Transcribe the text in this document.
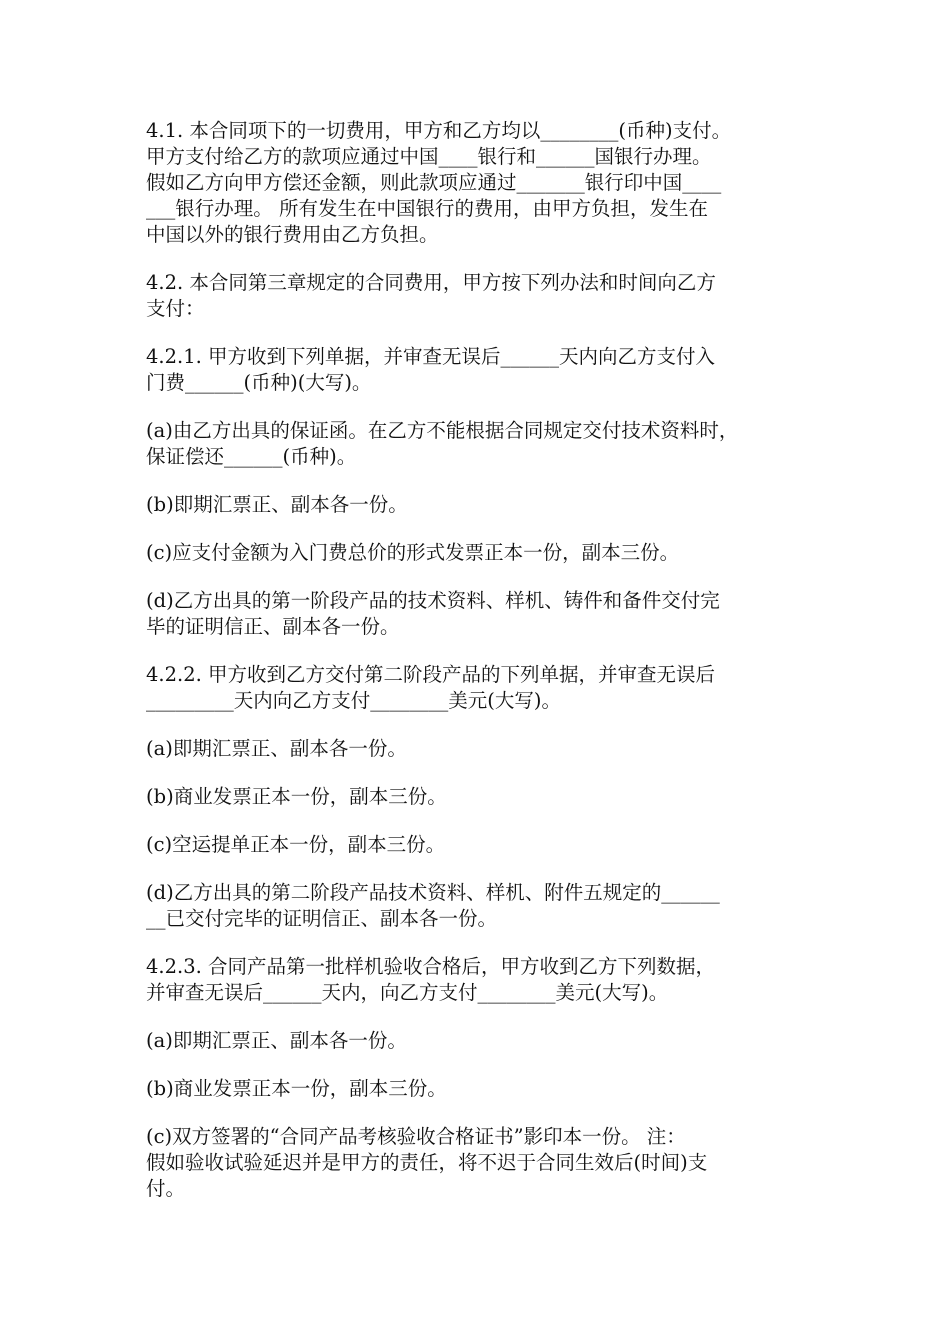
4.1. 本合同项下的一切费用，甲方和乙方均以________(币种)支付。
甲方支付给乙方的款项应通过中国____银行和______国银行办理。
假如乙方向甲方偿还金额，则此款项应通过_______银行印中国____
___银行办理。 所有发生在中国银行的费用，由甲方负担，发生在
中国以外的银行费用由乙方负担。
4.2. 本合同第三章规定的合同费用，甲方按下列办法和时间向乙方
支付：
4.2.1. 甲方收到下列单据，并审查无误后______天内向乙方支付入
门费______(币种)(大写)。
(a)由乙方出具的保证函。在乙方不能根据合同规定交付技术资料时，
保证偿还______(币种)。
(b)即期汇票正、副本各一份。
(c)应支付金额为入门费总价的形式发票正本一份，副本三份。
(d)乙方出具的第一阶段产品的技术资料、样机、铸件和备件交付完
毕的证明信正、副本各一份。
4.2.2. 甲方收到乙方交付第二阶段产品的下列单据，并审查无误后
_________天内向乙方支付________美元(大写)。
(a)即期汇票正、副本各一份。
(b)商业发票正本一份，副本三份。
(c)空运提单正本一份，副本三份。
(d)乙方出具的第二阶段产品技术资料、样机、附件五规定的______
__已交付完毕的证明信正、副本各一份。
4.2.3. 合同产品第一批样机验收合格后，甲方收到乙方下列数据，
并审查无误后______天内，向乙方支付________美元(大写)。
(a)即期汇票正、副本各一份。
(b)商业发票正本一份，副本三份。
(c)双方签署的“合同产品考核验收合格证书”影印本一份。 注：
假如验收试验延迟并是甲方的责任，将不迟于合同生效后(时间)支
付。
